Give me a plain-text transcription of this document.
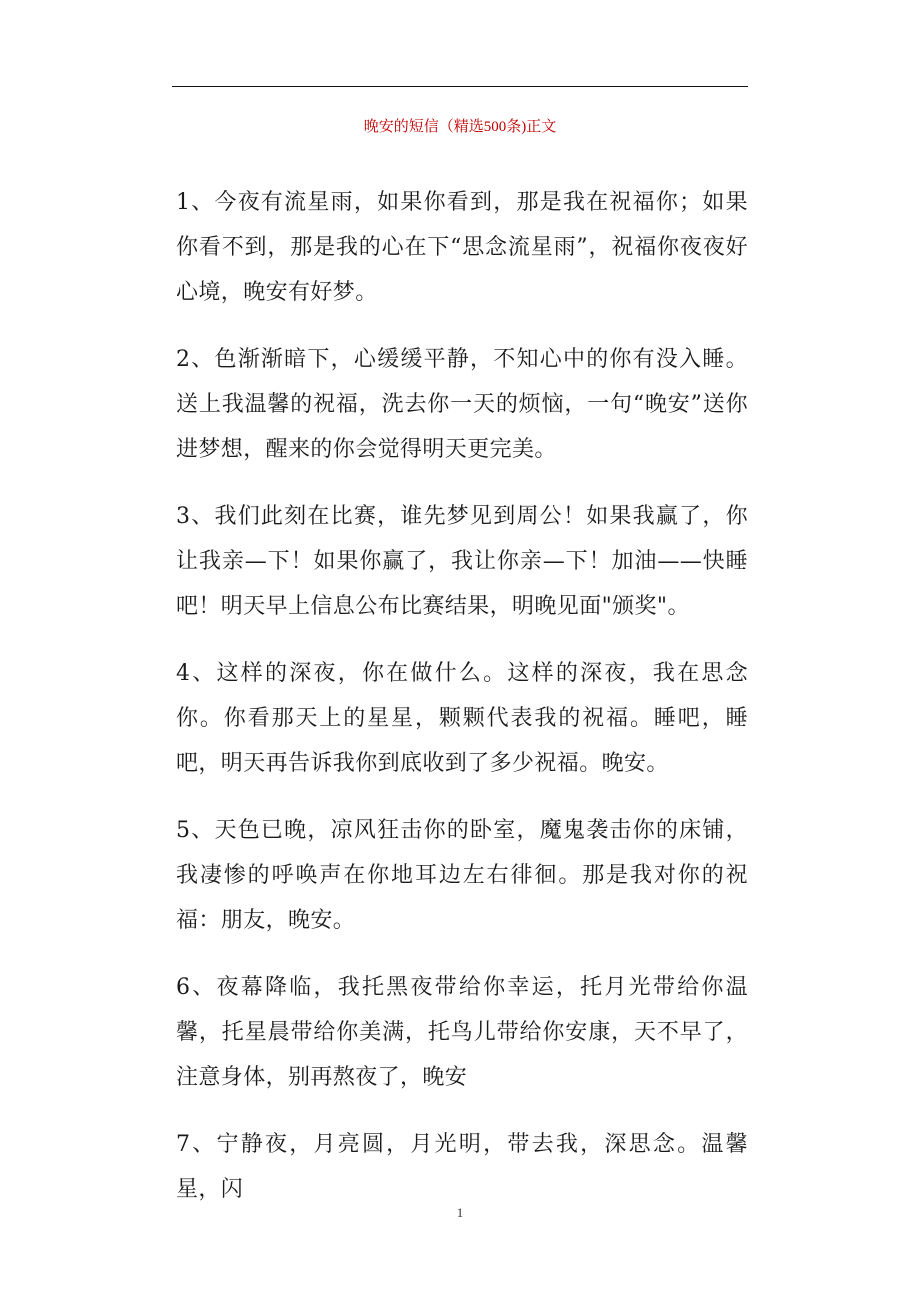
晚安的短信（精选500条)正文

1、今夜有流星雨，如果你看到，那是我在祝福你；如果你看不到，那是我的心在下“思念流星雨”，祝福你夜夜好心境，晚安有好梦。

2、色渐渐暗下，心缓缓平静，不知心中的你有没入睡。送上我温馨的祝福，洗去你一天的烦恼，一句“晚安”送你进梦想，醒来的你会觉得明天更完美。

3、我们此刻在比赛，谁先梦见到周公！如果我赢了，你让我亲—下！如果你赢了，我让你亲—下！加油——快睡吧！明天早上信息公布比赛结果，明晚见面"颁奖"。

4、这样的深夜，你在做什么。这样的深夜，我在思念你。你看那天上的星星，颗颗代表我的祝福。睡吧，睡吧，明天再告诉我你到底收到了多少祝福。晚安。

5、天色已晚，凉风狂击你的卧室，魔鬼袭击你的床铺，我凄惨的呼唤声在你地耳边左右徘徊。那是我对你的祝福：朋友，晚安。

6、夜幕降临，我托黑夜带给你幸运，托月光带给你温馨，托星晨带给你美满，托鸟儿带给你安康，天不早了，注意身体，别再熬夜了，晚安

7、宁静夜，月亮圆，月光明，带去我，深思念。温馨星，闪

1
